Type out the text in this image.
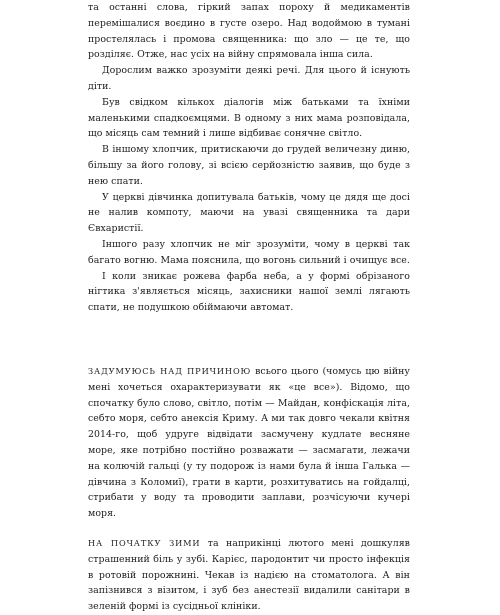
та останні слова, гіркий запах пороху й медикаментів перемішалися воєдино в густе озеро. Над водоймою в тумані простелялась і промова священника: що зло — це те, що розділяє. Отже, нас усіх на війну спрямовала інша сила.

Дорослим важко зрозуміти деякі речі. Для цього й існують діти.

Був свідком кількох діалогів між батьками та їхніми маленькими спадкоємцями. В одному з них мама розповідала, що місяць сам темний і лише відбиває сонячне світло.

В іншому хлопчик, притискаючи до грудей величезну диню, більшу за його голову, зі всією серйозністю заявив, що буде з нею спати.

У церкві дівчинка допитувала батьків, чому це дядя ще досі не налив компоту, маючи на увазі священника та дари Євхаристії.

Іншого разу хлопчик не міг зрозуміти, чому в церкві так багато вогню. Мама пояснила, що вогонь сильний і очищує все.

І коли зникає рожева фарба неба, а у формі обрізаного нігтика з'являється місяць, захисники нашої землі лягають спати, не подушкою обіймаючи автомат.

ЗАДУМУЮСЬ НАД ПРИЧИНОЮ всього цього (чомусь цю війну мені хочеться охарактеризувати як «це все»). Відомо, що спочатку було слово, світло, потім — Майдан, конфіскація літа, себто моря, себто анексія Криму. А ми так довго чекали квітня 2014-го, щоб удруге відвідати засмучену кудлате весняне море, яке потрібно постійно розважати — засмагати, лежачи на колючій гальці (у ту подорож із нами була й інша Галька — дівчина з Коломиї), грати в карти, розхитуватись на гойдалці, стрибати у воду та проводити заплави, розчісуючи кучері моря.

НА ПОЧАТКУ ЗИМИ та наприкінці лютого мені дошкуляв страшенний біль у зубі. Карієс, пародонтит чи просто інфекція в ротовій порожнині. Чекав із надією на стоматолога. А він запізнився з візитом, і зуб без анестезії видалили санітари в зеленій формі із сусідньої клініки.
